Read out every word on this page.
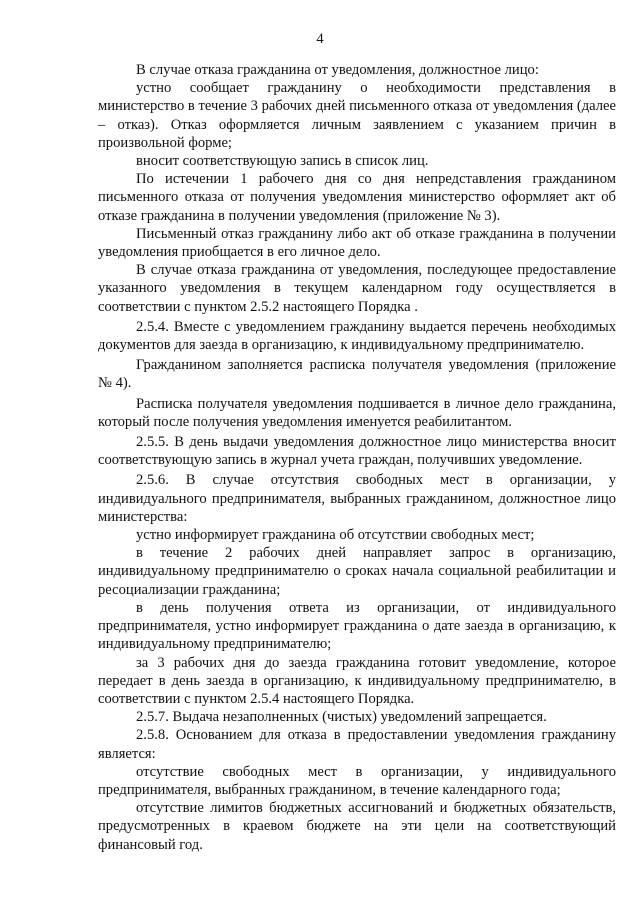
4

В случае отказа гражданина от уведомления, должностное лицо:

устно сообщает гражданину о необходимости представления в министерство в течение 3 рабочих дней письменного отказа от уведомления (далее – отказ). Отказ оформляется личным заявлением с указанием причин в произвольной форме;

вносит соответствующую запись в список лиц.

По истечении 1 рабочего дня со дня непредставления гражданином письменного отказа от получения уведомления министерство оформляет акт об отказе гражданина в получении уведомления (приложение № 3).

Письменный отказ гражданину либо акт об отказе гражданина в получении уведомления приобщается в его личное дело.

В случае отказа гражданина от уведомления, последующее предоставление указанного уведомления в текущем календарном году осуществляется в соответствии с пунктом 2.5.2 настоящего Порядка .

2.5.4. Вместе с уведомлением гражданину выдается перечень необходимых документов для заезда в организацию, к индивидуальному предпринимателю.

Гражданином заполняется расписка получателя уведомления (приложение № 4).

Расписка получателя уведомления подшивается в личное дело гражданина, который после получения уведомления именуется реабилитантом.

2.5.5. В день выдачи уведомления должностное лицо министерства вносит соответствующую запись в журнал учета граждан, получивших уведомление.

2.5.6. В случае отсутствия свободных мест в организации, у индивидуального предпринимателя, выбранных гражданином, должностное лицо министерства:

устно информирует гражданина об отсутствии свободных мест;

в течение 2 рабочих дней направляет запрос в организацию, индивидуальному предпринимателю о сроках начала социальной реабилитации и ресоциализации гражданина;

в день получения ответа из организации, от индивидуального предпринимателя, устно информирует гражданина о дате заезда в организацию, к индивидуальному предпринимателю;

за 3 рабочих дня до заезда гражданина готовит уведомление, которое передает в день заезда в организацию, к индивидуальному предпринимателю, в соответствии с пунктом 2.5.4 настоящего Порядка.

2.5.7. Выдача незаполненных (чистых) уведомлений запрещается.

2.5.8. Основанием для отказа в предоставлении уведомления гражданину является:

отсутствие свободных мест в организации, у индивидуального предпринимателя, выбранных гражданином, в течение календарного года;

отсутствие лимитов бюджетных ассигнований и бюджетных обязательств, предусмотренных в краевом бюджете на эти цели на соответствующий финансовый год.
